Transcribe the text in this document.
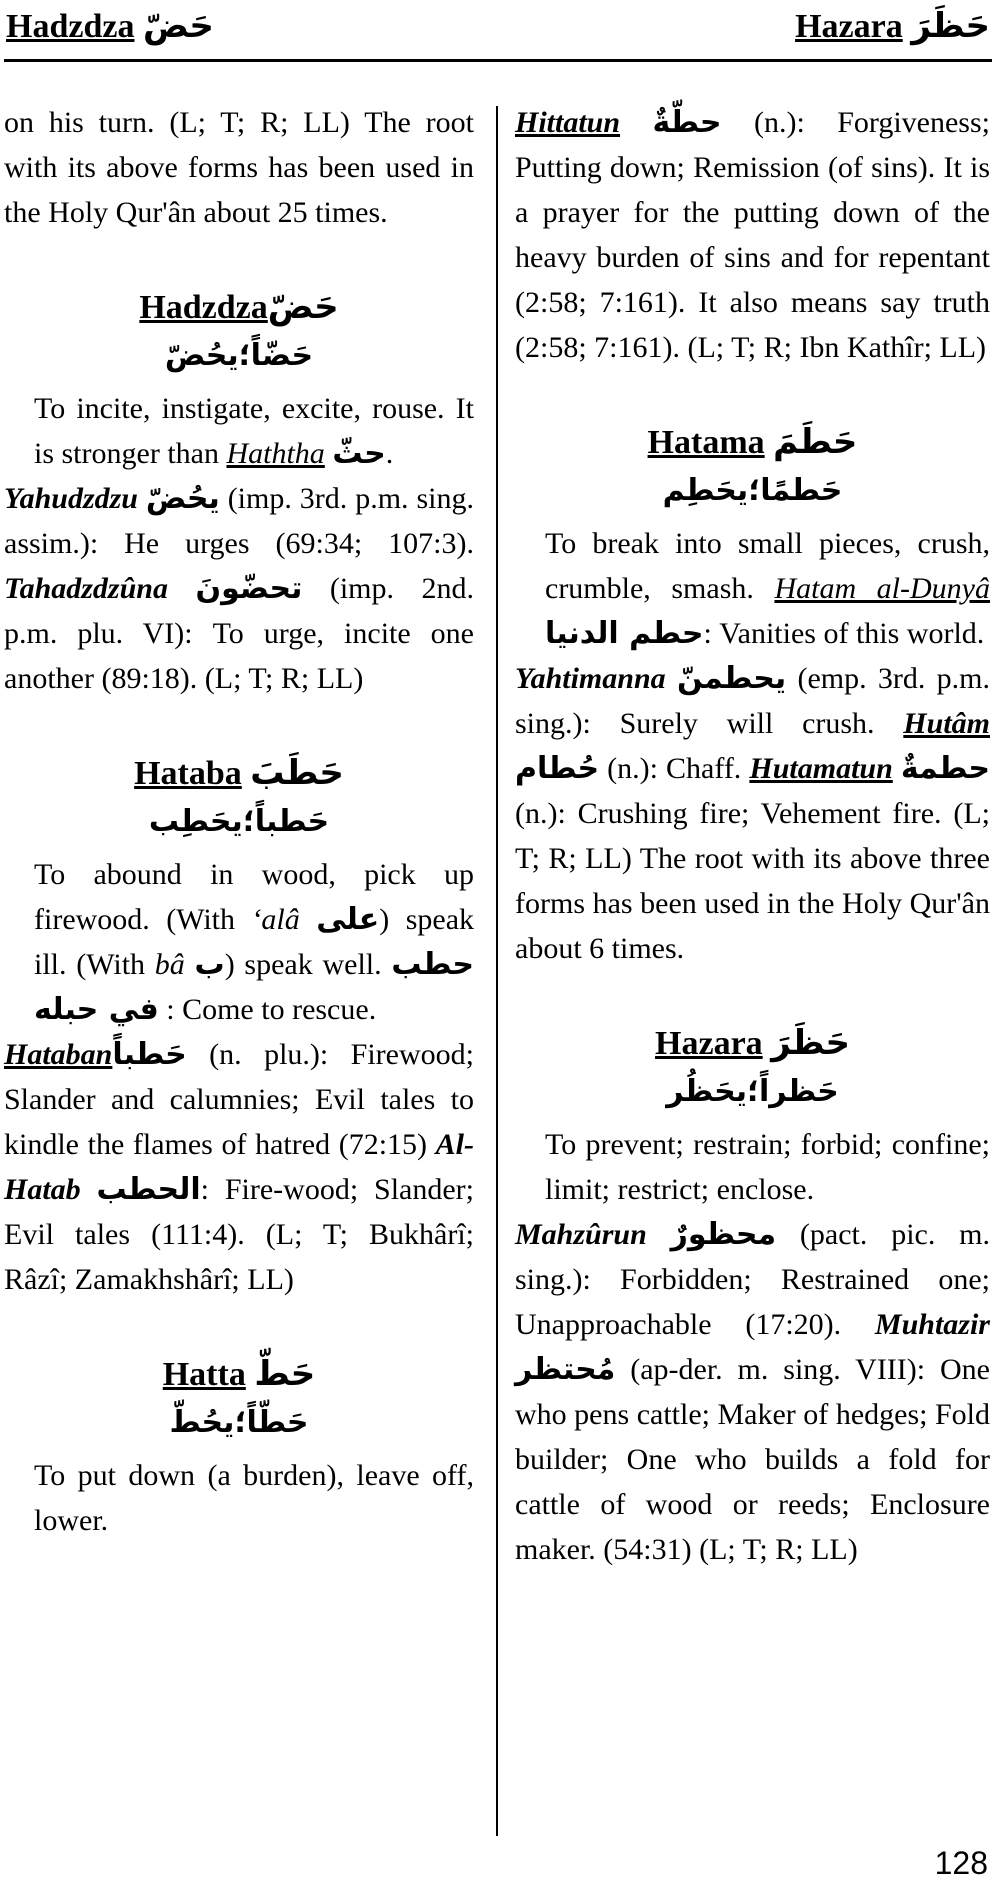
Hadzdza حَضّ	Hazara حَظَرَ

on his turn. (L; T; R; LL) The root with its above forms has been used in the Holy Qur'ân about 25 times.

Hadzdzaحَضّ
حَضّاً؛يحُضّ

To incite, instigate, excite, rouse. It is stronger than Haththa حثّ.

Yahudzdzu يحُضّ (imp. 3rd. p.m. sing. assim.): He urges (69:34; 107:3). Tahadzdzûna تحضّونَ (imp. 2nd. p.m. plu. VI): To urge, incite one another (89:18). (L; T; R; LL)

Hataba حَطَبَ
حَطباً؛يحَطِب

To abound in wood, pick up firewood. (With ‘alâ على) speak ill. (With bâ ب) speak well. حطب في حبله : Come to rescue.

Hatabanحَطباً (n. plu.): Firewood; Slander and calumnies; Evil tales to kindle the flames of hatred (72:15) Al-Hatab الحطب: Fire-wood; Slander; Evil tales (111:4). (L; T; Bukhârî; Râzî; Zamakhshârî; LL)

Hatta حَطّ
حَطّاً؛يحُطّ

To put down (a burden), leave off, lower.

Hittatun حطّةٌ (n.): Forgiveness; Putting down; Remission (of sins). It is a prayer for the putting down of the heavy burden of sins and for repentant (2:58; 7:161). It also means say truth (2:58; 7:161). (L; T; R; Ibn Kathîr; LL)

Hatama حَطَمَ
حَطمًا؛يحَطِم

To break into small pieces, crush, crumble, smash. Hatam al-Dunyâ حطم الدنيا: Vanities of this world.

Yahtimanna يحطمنّ (emp. 3rd. p.m. sing.): Surely will crush. Hutâm حُطام (n.): Chaff. Hutamatun حطمةٌ (n.): Crushing fire; Vehement fire. (L; T; R; LL) The root with its above three forms has been used in the Holy Qur'ân about 6 times.

Hazara حَظَرَ
حَظراً؛يحَظُر

To prevent; restrain; forbid; confine; limit; restrict; enclose.

Mahzûrun محظورٌ (pact. pic. m. sing.): Forbidden; Restrained one; Unapproachable (17:20). Muhtazir مُحتظر (ap-der. m. sing. VIII): One who pens cattle; Maker of hedges; Fold builder; One who builds a fold for cattle of wood or reeds; Enclosure maker. (54:31) (L; T; R; LL)

128
